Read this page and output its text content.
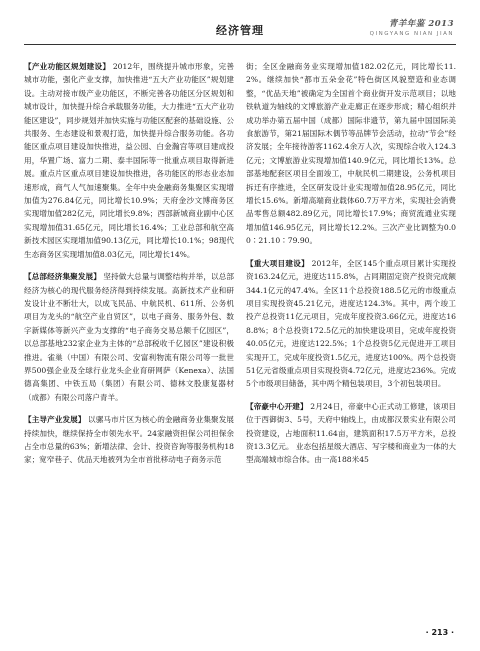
经济管理	青羊年鉴 2013
QINGYANG NIAN JIAN

【产业功能区规划建设】 2012年，围绕提升城市形象，完善城市功能，强化产业支撑，加快推进“五大产业功能区”规划建设。主动对接市级产业功能区，不断完善各功能区分区规划和城市设计，加快提升综合承载服务功能，大力推进“五大产业功能区建设”，同步规划并加快实施与功能区配套的基础设施、公共服务、生态建设和景观打造，加快提升综合服务功能。各功能区重点项目建设加快推进，益公园、白金瀚宫等项目建成投用，华置广场、富力二期、泰丰国际等一批重点项目取得新进展。重点片区重点项目建设加快推进，各功能区的形态业态加速形成，商气人气加速聚集。全年中央金融商务集聚区实现增加值为276.84亿元，同比增长10.9%；天府金沙文博商务区实现增加值282亿元，同比增长9.8%；西部新城商业副中心区实现增加值31.65亿元，同比增长16.4%；工业总部和航空高新技术园区实现增加值90.13亿元，同比增长10.1%；98现代生态商务区实现增加值8.03亿元，同比增长14%。

【总部经济集聚发展】 坚持做大总量与调整结构并举，以总部经济为核心的现代服务经济得到持续发展。高新技术产业和研发设计业不断壮大，以成飞民品、中航民机、611所、公务机项目为龙头的“航空产业自贸区”，以电子商务、服务外包、数字新媒体等新兴产业为支撑的“电子商务交易总额千亿园区”，以总部基地232家企业为主体的“总部税收千亿园区”建设积极推进。雀巢（中国）有限公司、安富利物流有限公司等一批世界500强企业及全球行业龙头企业育研网萨（Kenexa）、法国德高集团、中铁五局（集团）有限公司、德林文股康复器材（成都）有限公司落户青羊。

【主导产业发展】 以骡马市片区为核心的金融商务业集聚发展持续加快，继续保持全市领先水平。24家融资担保公司担保余占全市总量的63%；新增法律、会计、投资咨询等服务机构18家；宽窄巷子、优品天地被列为全市首批移动电子商务示范

街；全区金融商务业实现增加值182.02亿元，同比增长11.2%。继续加快“都市五朵金花”特色街区风貌塑造和业态调整，“优品天地”被确定为全国首个商业街开发示范项目；以地铁轨道为轴线的文博旅游产业走廊正在逐步形成；精心组织并成功举办第五届中国（成都）国际非遗节，第九届中国国际美食旅游节，第21届国际木偶节等品牌节会活动，拉动“节会”经济发展；全年接待游客1162.4余万人次，实现综合收入124.3亿元；文博旅游业实现增加值140.9亿元，同比增长13%。总部基地配套区项目全面竣工，中航民机二期建设，公务机项目拆迁有序推进，全区研发设计业实现增加值28.95亿元，同比增长15.6%。新增高端商业载体60.7万平方米，实现社会消费品零售总额482.89亿元，同比增长17.9%；商贸流通业实现增加值146.95亿元，同比增长12.2%。三次产业比调整为0.00∶21.10∶79.90。

【重大项目建设】 2012年，全区145个重点项目累计实现投资163.24亿元，进度达115.8%，占同期固定资产投资完成额344.1亿元的47.4%。全区11个总投资188.5亿元的市级重点项目实现投资45.21亿元，进度达124.3%。其中，两个竣工投产总投资11亿元项目，完成年度投资3.66亿元，进度达168.8%；8个总投资172.5亿元的加快建设项目，完成年度投资40.05亿元，进度达122.5%；1个总投资5亿元促进开工项目实现开工，完成年度投资1.5亿元，进度达100%。两个总投资51亿元省级重点项目实现投资4.72亿元，进度达236%。完成5个市级项目储备，其中两个精包装项目，3个初包装项目。

【帝豪中心开建】 2月24日，帝豪中心正式动工修建，该项目位于西御街3、5号，天府中轴线上，由成都汉景实业有限公司投资建设，占地面积11.64亩，建筑面积17.5万平方米，总投资13.3亿元。 业态包括星级大酒店、写字楼和商业为一体的大型高端城市综合体。由一高188米45

· 213 ·
